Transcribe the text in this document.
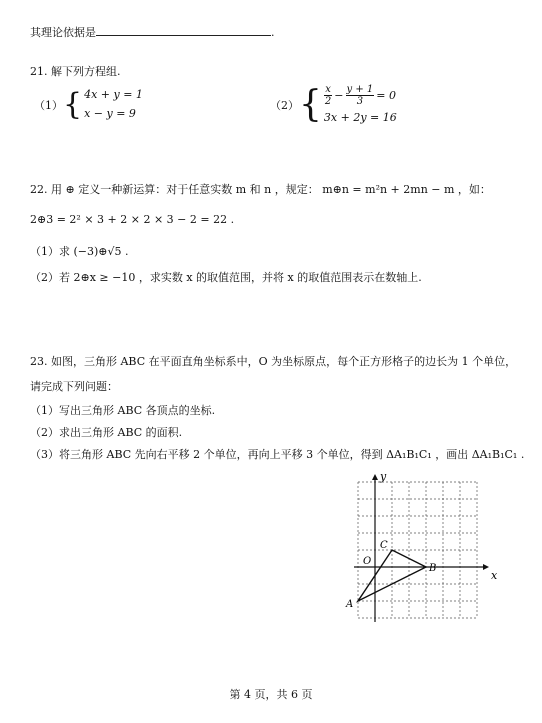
其理论依据是	.
21. 解下列方程组.
（1） { 4x + y = 1
x − y = 9
（2） { $\frac{x}{2} - \frac{y + 1}{3} = 0$
3x + 2y = 16
22. 用 ⊕ 定义一种新运算：对于任意实数 m 和 n ，规定： m⊕n = m²n + 2mn − m ，如：
2⊕3 = 2² × 3 + 2 × 2 × 3 − 2 = 22 .
（1）求 (−3)⊕√5 .
（2）若 2⊕x ≥ −10 ，求实数 x 的取值范围，并将 x 的取值范围表示在数轴上.
23. 如图，三角形 ABC 在平面直角坐标系中，O 为坐标原点，每个正方形格子的边长为 1 个单位，
请完成下列问题：
（1）写出三角形 ABC 各顶点的坐标.
（2）求出三角形 ABC 的面积.
（3）将三角形 ABC 先向右平移 2 个单位，再向上平移 3 个单位，得到 ΔA₁B₁C₁ ，画出 ΔA₁B₁C₁ .
x
y
O
A
B
C
第 4 页，共 6 页
